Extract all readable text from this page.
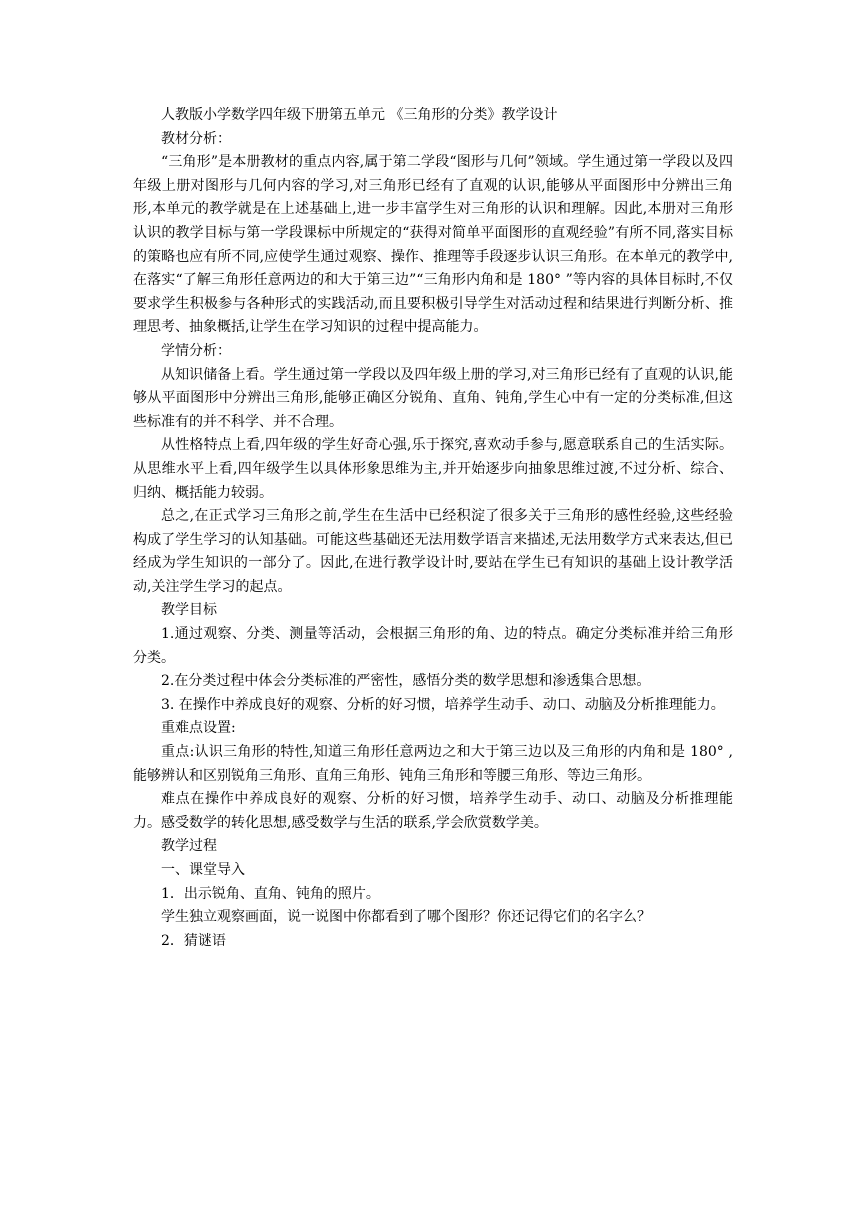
人教版小学数学四年级下册第五单元 《三角形的分类》教学设计

教材分析：

“三角形”是本册教材的重点内容,属于第二学段“图形与几何”领域。学生通过第一学段以及四年级上册对图形与几何内容的学习,对三角形已经有了直观的认识,能够从平面图形中分辨出三角形,本单元的教学就是在上述基础上,进一步丰富学生对三角形的认识和理解。因此,本册对三角形认识的教学目标与第一学段课标中所规定的“获得对简单平面图形的直观经验”有所不同,落实目标的策略也应有所不同,应使学生通过观察、操作、推理等手段逐步认识三角形。在本单元的教学中,在落实“了解三角形任意两边的和大于第三边”“三角形内角和是 180° ”等内容的具体目标时,不仅要求学生积极参与各种形式的实践活动,而且要积极引导学生对活动过程和结果进行判断分析、推理思考、抽象概括,让学生在学习知识的过程中提高能力。

学情分析：

从知识储备上看。学生通过第一学段以及四年级上册的学习,对三角形已经有了直观的认识,能够从平面图形中分辨出三角形,能够正确区分锐角、直角、钝角,学生心中有一定的分类标准,但这些标准有的并不科学、并不合理。

从性格特点上看,四年级的学生好奇心强,乐于探究,喜欢动手参与,愿意联系自己的生活实际。从思维水平上看,四年级学生以具体形象思维为主,并开始逐步向抽象思维过渡,不过分析、综合、归纳、概括能力较弱。

总之,在正式学习三角形之前,学生在生活中已经积淀了很多关于三角形的感性经验,这些经验构成了学生学习的认知基础。可能这些基础还无法用数学语言来描述,无法用数学方式来表达,但已经成为学生知识的一部分了。因此,在进行教学设计时,要站在学生已有知识的基础上设计教学活动,关注学生学习的起点。

教学目标

1.通过观察、分类、测量等活动，会根据三角形的角、边的特点。确定分类标准并给三角形分类。

2.在分类过程中体会分类标准的严密性，感悟分类的数学思想和渗透集合思想。

3. 在操作中养成良好的观察、分析的好习惯，培养学生动手、动口、动脑及分析推理能力。

重难点设置:

重点:认识三角形的特性,知道三角形任意两边之和大于第三边以及三角形的内角和是 180° ,能够辨认和区别锐角三角形、直角三角形、钝角三角形和等腰三角形、等边三角形。

难点在操作中养成良好的观察、分析的好习惯，培养学生动手、动口、动脑及分析推理能力。感受数学的转化思想,感受数学与生活的联系,学会欣赏数学美。

教学过程

一、课堂导入

1．出示锐角、直角、钝角的照片。

学生独立观察画面，说一说图中你都看到了哪个图形？你还记得它们的名字么？

2．猜谜语
